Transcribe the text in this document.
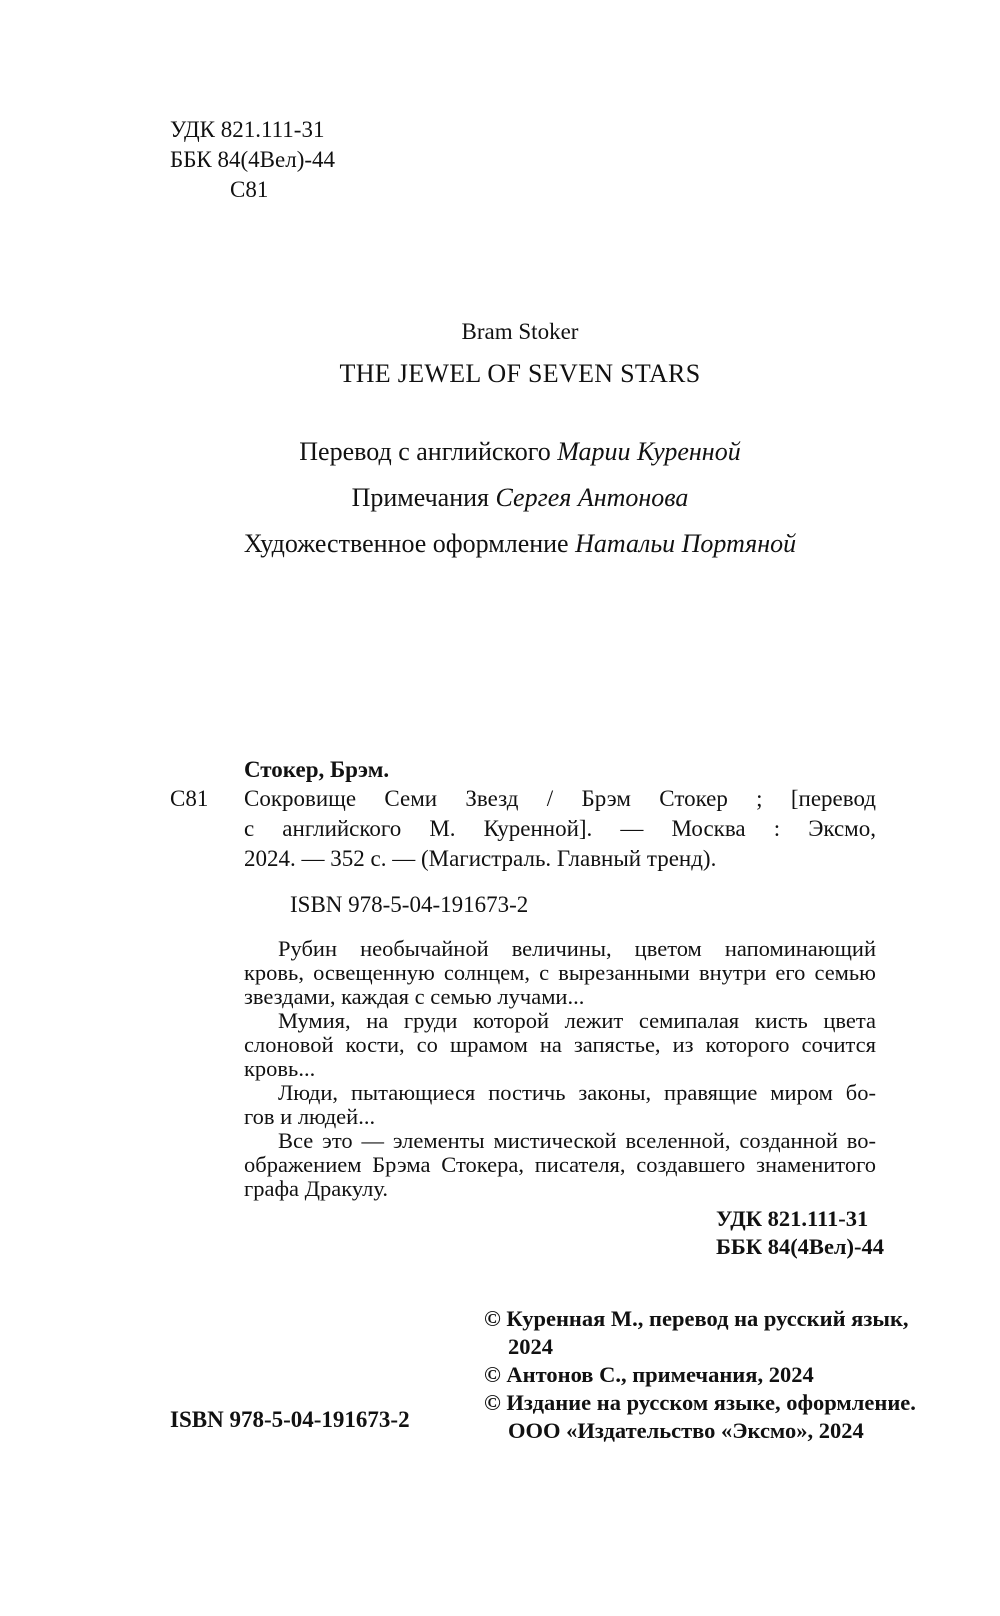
УДК 821.111-31
ББК 84(4Вел)-44
С81
Bram Stoker
THE JEWEL OF SEVEN STARS
Перевод с английского Марии Куренной
Примечания Сергея Антонова
Художественное оформление Натальи Портяной
Стокер, Брэм.
С81 Сокровище Семи Звезд / Брэм Стокер ; [перевод
с английского М. Куренной]. — Москва : Эксмо,
2024. — 352 с. — (Магистраль. Главный тренд).
ISBN 978-5-04-191673-2
Рубин необычайной величины, цветом напоминающий
кровь, освещенную солнцем, с вырезанными внутри его семью
звездами, каждая с семью лучами...
Мумия, на груди которой лежит семипалая кисть цвета
слоновой кости, со шрамом на запястье, из которого сочится
кровь...
Люди, пытающиеся постичь законы, правящие миром бо-
гов и людей...
Все это — элементы мистической вселенной, созданной во-
ображением Брэма Стокера, писателя, создавшего знаменитого
графа Дракулу.
УДК 821.111-31
ББК 84(4Вел)-44
© Куренная М., перевод на русский язык,
2024
© Антонов С., примечания, 2024
© Издание на русском языке, оформление.
ООО «Издательство «Эксмо», 2024
ISBN 978-5-04-191673-2
